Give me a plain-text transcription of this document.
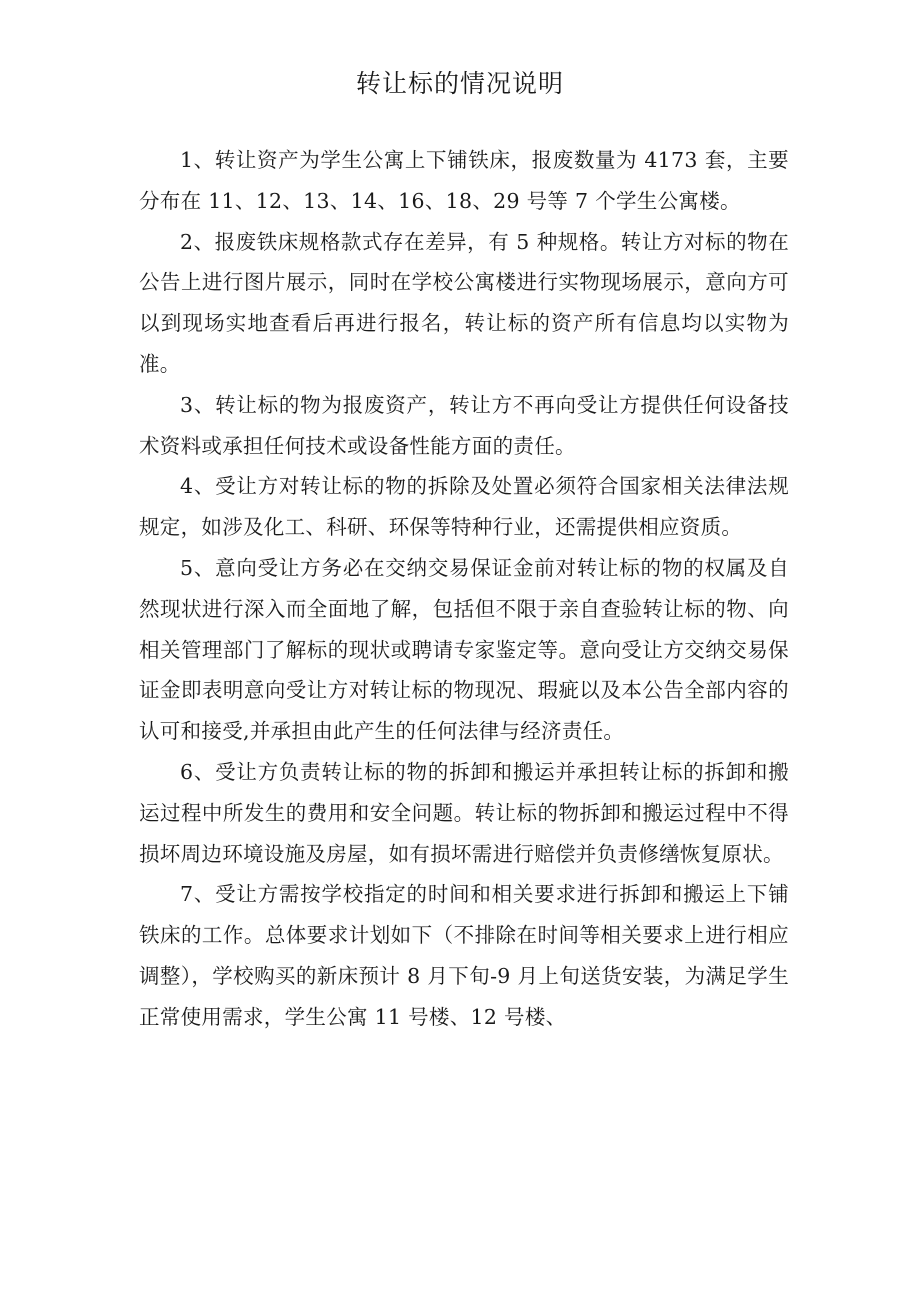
转让标的情况说明

1、转让资产为学生公寓上下铺铁床，报废数量为 4173 套，主要分布在 11、12、13、14、16、18、29 号等 7 个学生公寓楼。

2、报废铁床规格款式存在差异，有 5 种规格。转让方对标的物在公告上进行图片展示，同时在学校公寓楼进行实物现场展示，意向方可以到现场实地查看后再进行报名，转让标的资产所有信息均以实物为准。

3、转让标的物为报废资产，转让方不再向受让方提供任何设备技术资料或承担任何技术或设备性能方面的责任。

4、受让方对转让标的物的拆除及处置必须符合国家相关法律法规规定，如涉及化工、科研、环保等特种行业，还需提供相应资质。

5、意向受让方务必在交纳交易保证金前对转让标的物的权属及自然现状进行深入而全面地了解，包括但不限于亲自查验转让标的物、向相关管理部门了解标的现状或聘请专家鉴定等。意向受让方交纳交易保证金即表明意向受让方对转让标的物现况、瑕疵以及本公告全部内容的认可和接受,并承担由此产生的任何法律与经济责任。

6、受让方负责转让标的物的拆卸和搬运并承担转让标的拆卸和搬运过程中所发生的费用和安全问题。转让标的物拆卸和搬运过程中不得损坏周边环境设施及房屋，如有损坏需进行赔偿并负责修缮恢复原状。

7、受让方需按学校指定的时间和相关要求进行拆卸和搬运上下铺铁床的工作。总体要求计划如下（不排除在时间等相关要求上进行相应调整），学校购买的新床预计 8 月下旬-9 月上旬送货安装，为满足学生正常使用需求，学生公寓 11 号楼、12 号楼、
